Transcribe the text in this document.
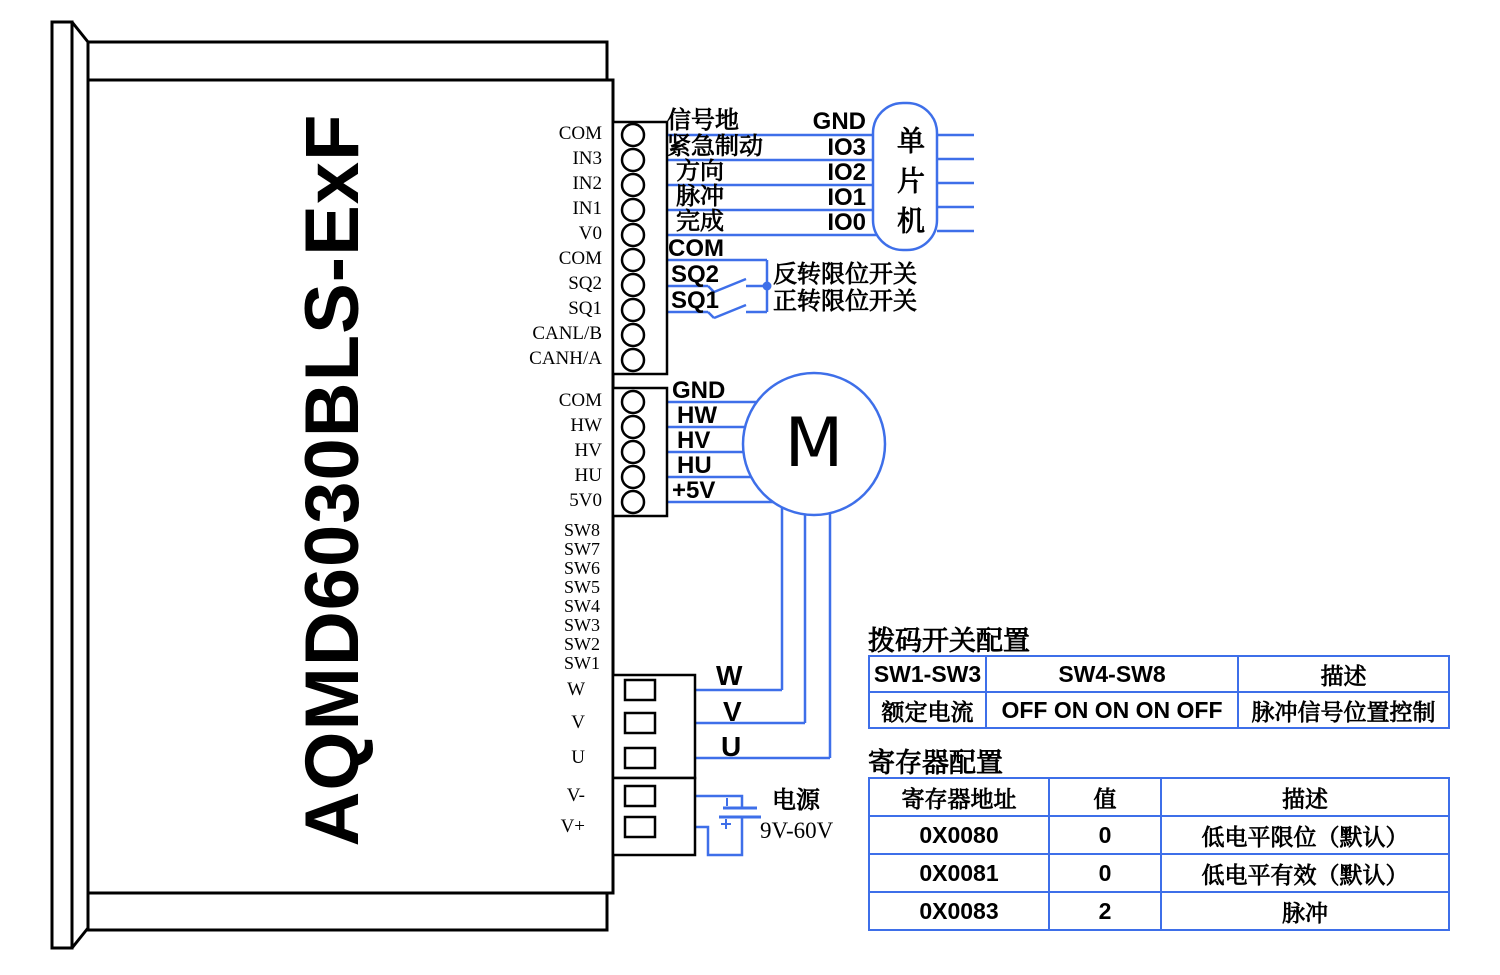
AQMD6030BLS-ExF	COM
IN3
IN2
IN1
V0
COM
SQ2
SQ1
CANL/B
CANH/A
COM
HW
HV
HU
5V0
SW8
SW7
SW6
SW5
SW4
SW3
SW2
SW1
W
V
U
V-
V+
信号地
紧急制动
方向
脉冲
完成
GND
IO3
IO2
IO1
IO0
COM
SQ2
SQ1
反转限位开关
正转限位开关
单片机
GND
HW
HV
HU
+5V
M
W
V
U
电源
9V-60V
拨码开关配置
SW1-SW3	SW4-SW8	描述
额定电流	OFF ON ON ON OFF	脉冲信号位置控制
寄存器配置
寄存器地址	值	描述
0X0080	0	低电平限位（默认）
0X0081	0	低电平有效（默认）
0X0083	2	脉冲
